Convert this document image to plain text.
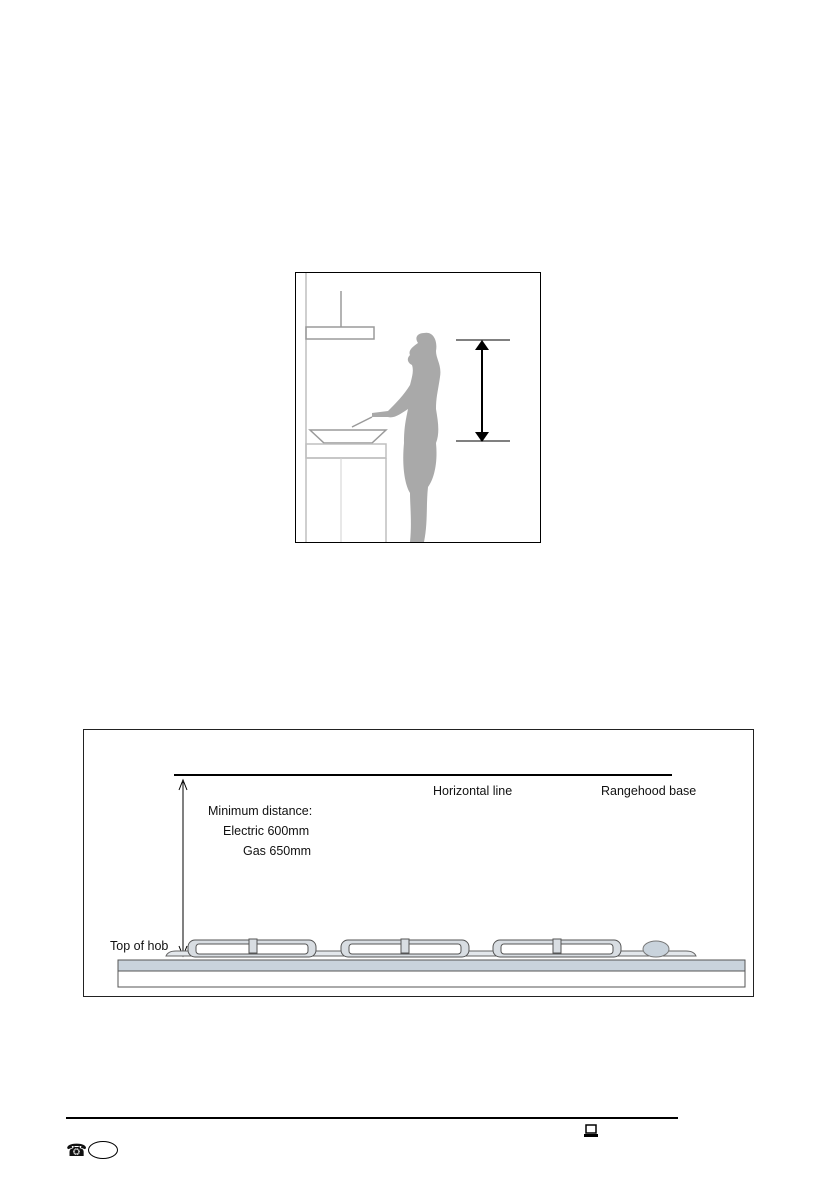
Horizontal line	Rangehood base
Minimum distance:
Electric 600mm
Gas 650mm
Top of hob
☎
